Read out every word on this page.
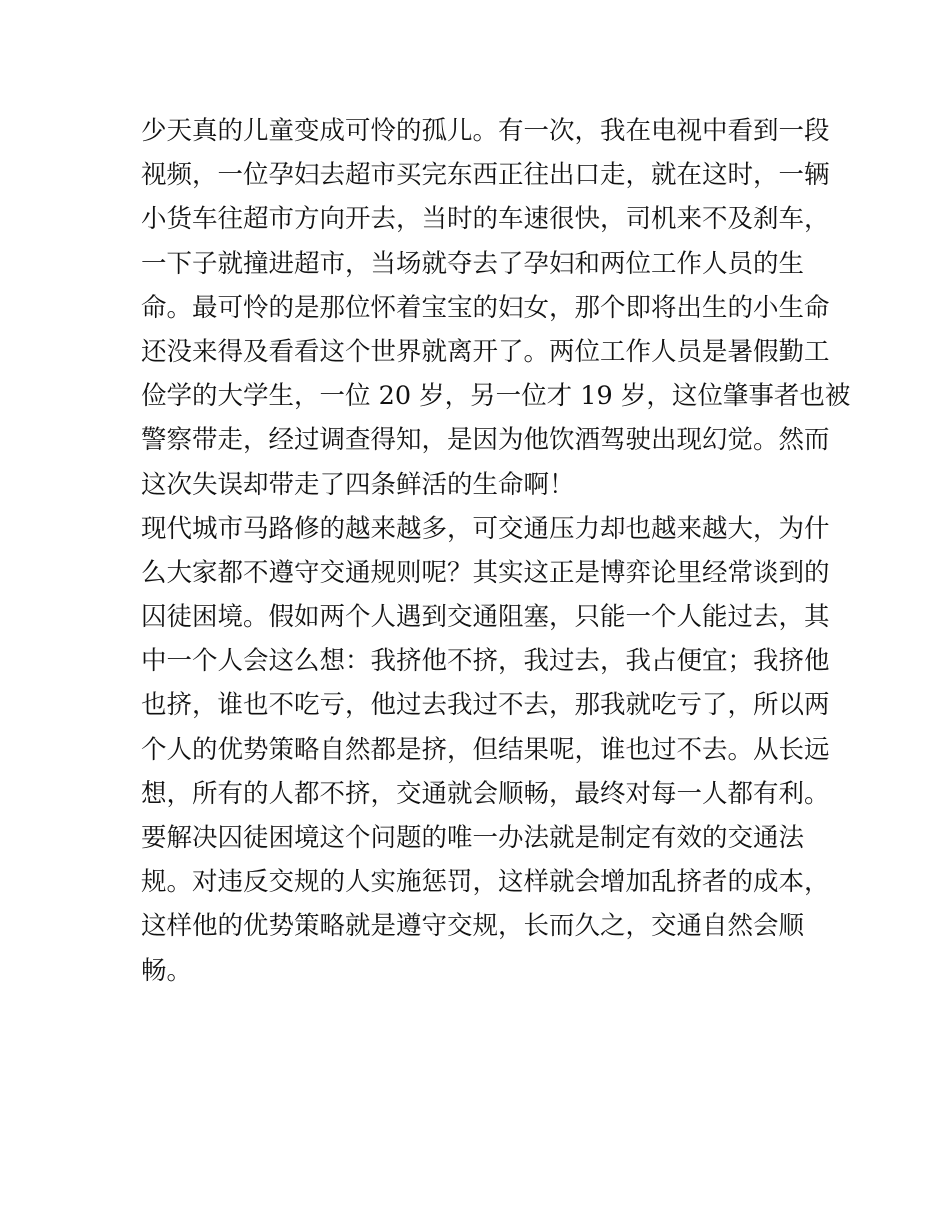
少天真的儿童变成可怜的孤儿。有一次，我在电视中看到一段

视频，一位孕妇去超市买完东西正往出口走，就在这时，一辆

小货车往超市方向开去，当时的车速很快，司机来不及刹车，

一下子就撞进超市，当场就夺去了孕妇和两位工作人员的生

命。最可怜的是那位怀着宝宝的妇女，那个即将出生的小生命

还没来得及看看这个世界就离开了。两位工作人员是暑假勤工

俭学的大学生，一位 20 岁，另一位才 19 岁，这位肇事者也被

警察带走，经过调查得知，是因为他饮酒驾驶出现幻觉。然而

这次失误却带走了四条鲜活的生命啊！

现代城市马路修的越来越多，可交通压力却也越来越大，为什

么大家都不遵守交通规则呢？其实这正是博弈论里经常谈到的

囚徒困境。假如两个人遇到交通阻塞，只能一个人能过去，其

中一个人会这么想：我挤他不挤，我过去，我占便宜；我挤他

也挤，谁也不吃亏，他过去我过不去，那我就吃亏了，所以两

个人的优势策略自然都是挤，但结果呢，谁也过不去。从长远

想，所有的人都不挤，交通就会顺畅，最终对每一人都有利。

要解决囚徒困境这个问题的唯一办法就是制定有效的交通法

规。对违反交规的人实施惩罚，这样就会增加乱挤者的成本，

这样他的优势策略就是遵守交规，长而久之，交通自然会顺

畅。
